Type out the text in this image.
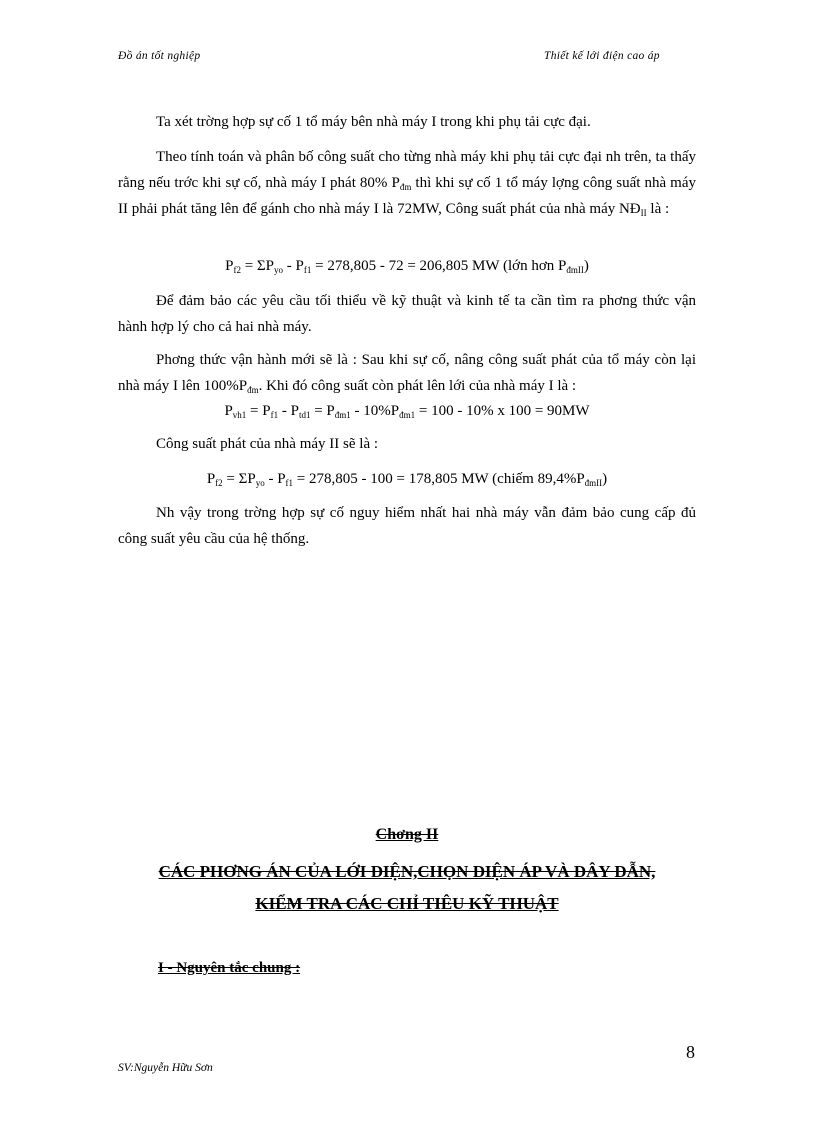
Đồ án tốt nghiệp	Thiết kế lới điện cao áp

Ta xét trờng hợp sự cố 1 tổ máy bên nhà máy I trong khi phụ tải cực đại.

Theo tính toán và phân bố công suất cho từng nhà máy khi phụ tải cực đại nh trên, ta thấy rằng nếu trớc khi sự cố, nhà máy I phát 80% $P_{đm}$ thì khi sự cố 1 tổ máy lợng công suất nhà máy II phải phát tăng lên để gánh cho nhà máy I là 72MW, Công suất phát của nhà máy $NĐ_{II}$ là :

$P_{f2} = \Sigma P_{yo} - P_{f1} = 278,805 - 72 = 206,805$ MW (lớn hơn $P_{đmII}$)

Để đảm bảo các yêu cầu tối thiểu về kỹ thuật và kinh tế ta cần tìm ra phơng thức vận hành hợp lý cho cả hai nhà máy.

Phơng thức vận hành mới sẽ là : Sau khi sự cố, nâng công suất phát của tổ máy còn lại nhà máy I lên $100\%P_{đm}$. Khi đó công suất còn phát lên lới của nhà máy I là :

$P_{vh1} = P_{f1} - P_{td1} = P_{đm1} - 10\%P_{đm1} = 100 - 10\%$ x 100 = 90MW

Công suất phát của nhà máy II sẽ là :

$P_{f2} = \Sigma P_{yo} - P_{f1} = 278,805 - 100 = 178,805$ MW (chiếm $89,4\%P_{đmII}$)

Nh vậy trong trờng hợp sự cố nguy hiểm nhất hai nhà máy vẫn đảm bảo cung cấp đủ công suất yêu cầu của hệ thống.

Chơng II
CÁC PHƠNG ÁN CỦA LỚI ĐIỆN,CHỌN ĐIỆN ÁP VÀ DÂY DẪN,
KIỂM TRA CÁC CHỈ TIÊU KỸ THUẬT
I - Nguyên tắc chung :
8
SV:Nguyễn Hữu Sơn
